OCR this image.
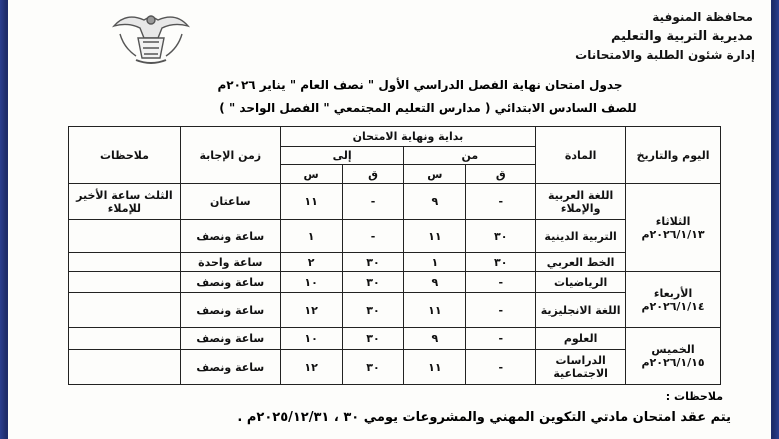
محافظة المنوفية
مديرية التربية والتعليم
إدارة شئون الطلبة والامتحانات
جدول امتحان نهاية الفصل الدراسي الأول " نصف العام " يناير ٢٠٢٦م
للصف السادس الابتدائي ( مدارس التعليم المجتمعي " الفصل الواحد " )
اليوم والتاريخ	المادة	بداية ونهاية الامتحان				زمن الإجابة	ملاحظات
		من		إلى			
		ق	س	ق	س		

الثلاثاء
٢٠٢٦/١/١٣م	اللغة العربية والإملاء	-	٩	-	١١	ساعتان	الثلث ساعة الأخير للإملاء
	التربية الدينية	٣٠	١١	-	١	ساعة ونصف	
	الخط العربي	٣٠	١	٣٠	٢	ساعة واحدة	

الأربعاء
٢٠٢٦/١/١٤م	الرياضيات	-	٩	٣٠	١٠	ساعة ونصف	
	اللغة الانجليزية	-	١١	٣٠	١٢	ساعة ونصف	

الخميس
٢٠٢٦/١/١٥م	العلوم	-	٩	٣٠	١٠	ساعة ونصف	
	الدراسات الاجتماعية	-	١١	٣٠	١٢	ساعة ونصف	
ملاحظات :
يتم عقد امتحان مادتي التكوين المهني والمشروعات يومي ٣٠ ، ٢٠٢٥/١٢/٣١م .
